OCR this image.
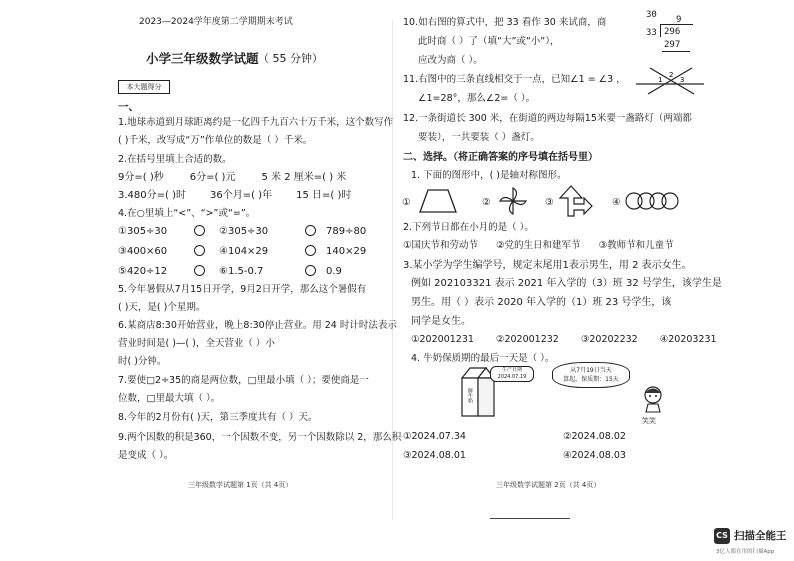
2023—2024学年度第二学期期末考试
小学三年级数学试题 （ 55 分钟）
本大题得分
一、
1.地球赤道到月球距离约是一亿四千九百六十万千米，这个数写作
( )千米，改写成“万”作单位的数是（ ）千米。
2.在括号里填上合适的数。
9分=( )秒	6分=( )元	5 米 2 厘米=( ) 米
3.480分=( )时 36个月=( )年 15 日=( )时
4.在○里填上“<”、“>”或“=”。
①305÷30	②305÷30	789÷80
③400×60	④104×29	140×29
⑤420÷12	⑥1.5-0.7	0.9
5.今年暑假从7月15日开学，9月2日开学，那么这个暑假有
( )天，是( )个星期。
6.某商店8:30开始营业，晚上8:30停止营业。用 24 时计时法表示
营业时间是( )—( )，全天营业（ ）小
时( )分钟。
7.要使□2÷35的商是两位数，□里最小填（ ）；要使商是一
位数，□里最大填（ ）。
8.今年的2月份有( )天，第三季度共有（ ）天。
9.两个因数的积是360，一个因数不变，另一个因数除以 2，那么积
是变成（ ）。
三年级数学试题第 1页（共 4页）
10.如右图的算式中，把 33 看作 30 来试商，商
此时商（ ）了（填“大”或“小”），
应改为商（ ）。
30 9
33 296
297
11.右图中的三条直线相交于一点，已知∠1 = ∠3 ，
∠1=28°，那么∠2=（ ）。
1
2
3
12.一条街道长 300 米，在街道的两边每隔15米要一盏路灯（两端都
要装），一共要装（ ）盏灯。
二、选择。（将正确答案的序号填在括号里）
1. 下面的图形中，( )是轴对称图形。
①	②	③	④
2.下列节日都在小月的是（ ）。
①国庆节和劳动节 ②党的生日和建军节 ③教师节和儿童节
3.某小学为学生编学号，规定末尾用1表示男生，用 2 表示女生。
例如 202103321 表示 2021 年入学的（3）班 32 号学生，该学生是
男生。用（ ）表示 2020 年入学的（1）班 23 号学生，该
同学是女生。
①202001231 ②202001232 ③20202232 ④20203231
4. 牛奶保质期的最后一天是（ ）。
鲜牛奶
生产日期 2024.07.19
从7月19日当天
算起，保质期：15天
笑笑
①2024.07.34	②2024.08.02
③2024.08.01	④2024.08.03
三年级数学试题第 2页（共 4页）
CS 扫描全能王
3亿人都在用的扫描App
